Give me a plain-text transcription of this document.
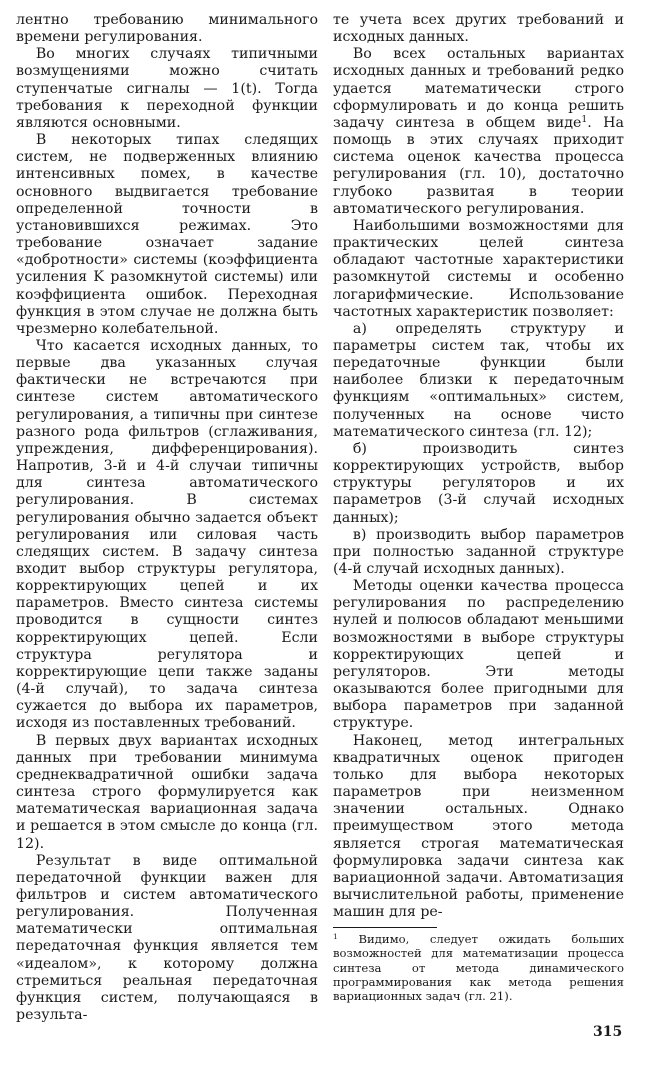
лентно требованию минимального времени регулирования.

Во многих случаях типичными возмущениями можно считать ступенчатые сигналы — 1(t). Тогда требования к переходной функции являются основными.

В некоторых типах следящих систем, не подверженных влиянию интенсивных помех, в качестве основного выдвигается требование определенной точности в установившихся режимах. Это требование означает задание «добротности» системы (коэффициента усиления K разомкнутой системы) или коэффициента ошибок. Переходная функция в этом случае не должна быть чрезмерно колебательной.

Что касается исходных данных, то первые два указанных случая фактически не встречаются при синтезе систем автоматического регулирования, а типичны при синтезе разного рода фильтров (сглаживания, упреждения, дифференцирования). Напротив, 3-й и 4-й случаи типичны для синтеза автоматического регулирования. В системах регулирования обычно задается объект регулирования или силовая часть следящих систем. В задачу синтеза входит выбор структуры регулятора, корректирующих цепей и их параметров. Вместо синтеза системы проводится в сущности синтез корректирующих цепей. Если структура регулятора и корректирующие цепи также заданы (4-й случай), то задача синтеза сужается до выбора их параметров, исходя из поставленных требований.

В первых двух вариантах исходных данных при требовании минимума среднеквадратичной ошибки задача синтеза строго формулируется как математическая вариационная задача и решается в этом смысле до конца (гл. 12).

Результат в виде оптимальной передаточной функции важен для фильтров и систем автоматического регулирования. Полученная математически оптимальная передаточная функция является тем «идеалом», к которому должна стремиться реальная передаточная функция систем, получающаяся в результа-

те учета всех других требований и исходных данных.

Во всех остальных вариантах исходных данных и требований редко удается математически строго сформулировать и до конца решить задачу синтеза в общем виде$^1$. На помощь в этих случаях приходит система оценок качества процесса регулирования (гл. 10), достаточно глубоко развитая в теории автоматического регулирования.

Наибольшими возможностями для практических целей синтеза обладают частотные характеристики разомкнутой системы и особенно логарифмические. Использование частотных характеристик позволяет:

а) определять структуру и параметры систем так, чтобы их передаточные функции были наиболее близки к передаточным функциям «оптимальных» систем, полученных на основе чисто математического синтеза (гл. 12);
б) производить синтез корректирующих устройств, выбор структуры регуляторов и их параметров (3-й случай исходных данных);
в) производить выбор параметров при полностью заданной структуре (4-й случай исходных данных).

Методы оценки качества процесса регулирования по распределению нулей и полюсов обладают меньшими возможностями в выборе структуры корректирующих цепей и регуляторов. Эти методы оказываются более пригодными для выбора параметров при заданной структуре.

Наконец, метод интегральных квадратичных оценок пригоден только для выбора некоторых параметров при неизменном значении остальных. Однако преимуществом этого метода является строгая математическая формулировка задачи синтеза как вариационной задачи. Автоматизация вычислительной работы, применение машин для ре-

$^1$ Видимо, следует ожидать больших возможностей для математизации процесса синтеза от метода динамического программирования как метода решения вариационных задач (гл. 21).

315
